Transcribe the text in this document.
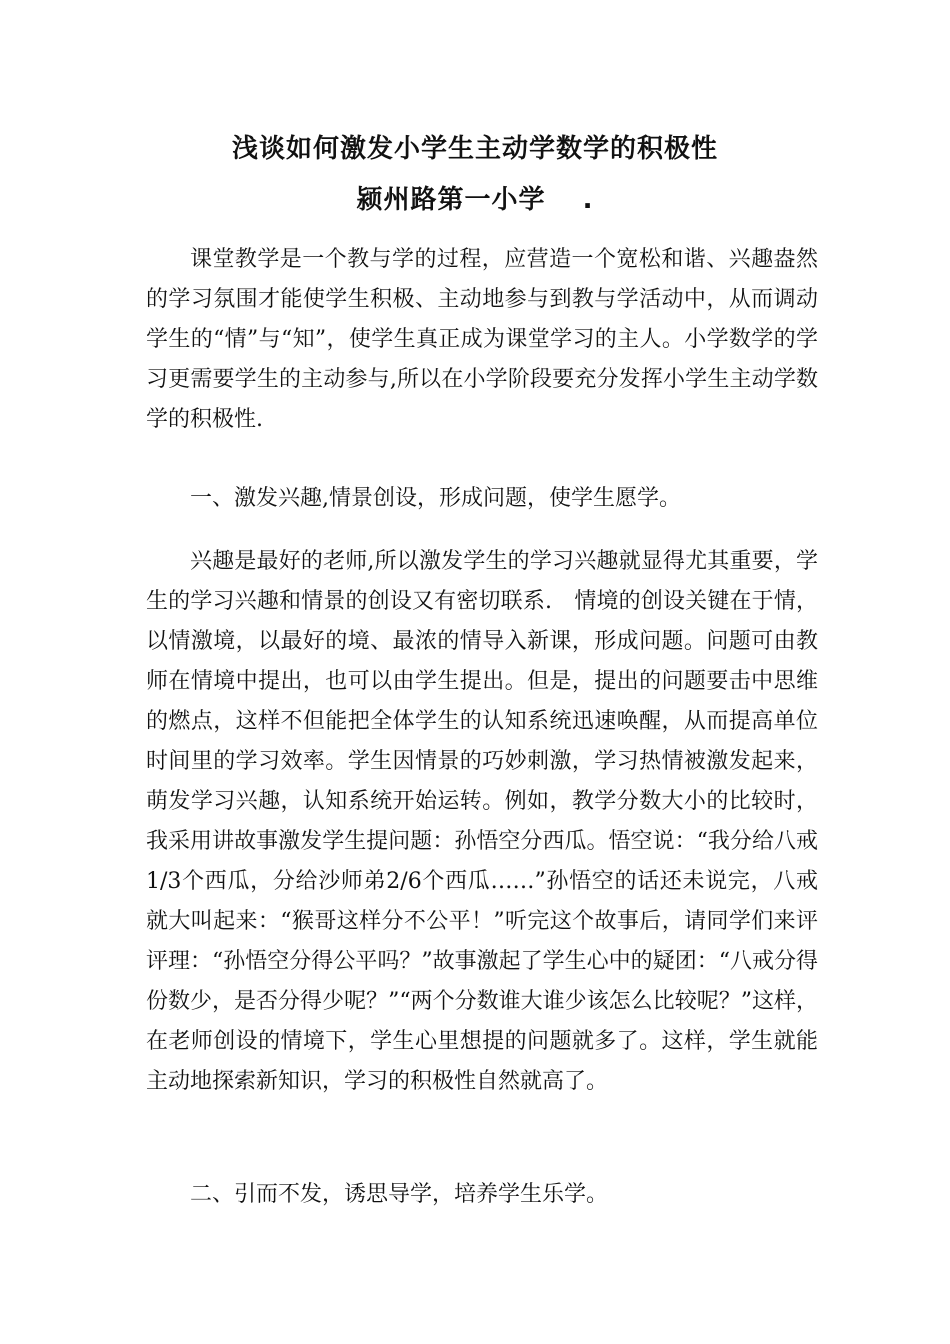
浅谈如何激发小学生主动学数学的积极性
颍州路第一小学　 .

课堂教学是一个教与学的过程，应营造一个宽松和谐、兴趣盎然的学习氛围才能使学生积极、主动地参与到教与学活动中，从而调动学生的“情”与“知”，使学生真正成为课堂学习的主人。小学数学的学习更需要学生的主动参与,所以在小学阶段要充分发挥小学生主动学数学的积极性.

一、激发兴趣,情景创设，形成问题，使学生愿学。

兴趣是最好的老师,所以激发学生的学习兴趣就显得尤其重要，学生的学习兴趣和情景的创设又有密切联系.　情境的创设关键在于情，以情激境，以最好的境、最浓的情导入新课，形成问题。问题可由教师在情境中提出，也可以由学生提出。但是，提出的问题要击中思维的燃点，这样不但能把全体学生的认知系统迅速唤醒，从而提高单位时间里的学习效率。学生因情景的巧妙刺激，学习热情被激发起来，萌发学习兴趣，认知系统开始运转。例如，教学分数大小的比较时，我采用讲故事激发学生提问题：孙悟空分西瓜。悟空说：“我分给八戒1/3个西瓜，分给沙师弟2/6个西瓜……”孙悟空的话还未说完，八戒就大叫起来：“猴哥这样分不公平！”听完这个故事后，请同学们来评评理：“孙悟空分得公平吗？”故事激起了学生心中的疑团：“八戒分得份数少，是否分得少呢？”“两个分数谁大谁少该怎么比较呢？”这样，在老师创设的情境下，学生心里想提的问题就多了。这样，学生就能主动地探索新知识，学习的积极性自然就高了。

二、引而不发，诱思导学，培养学生乐学。
